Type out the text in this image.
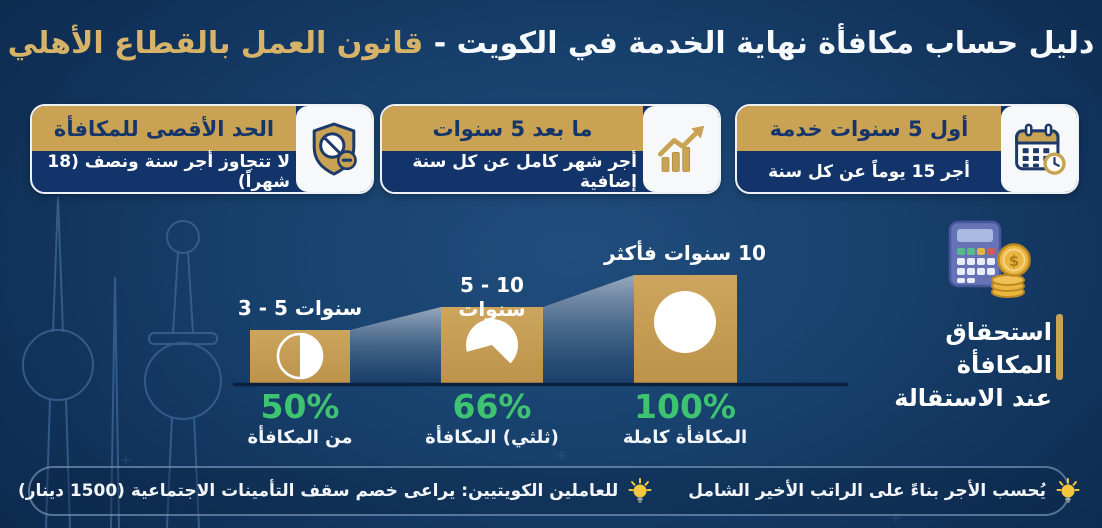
+	+
+
دليل حساب مكافأة نهاية الخدمة في الكويت - قانون العمل بالقطاع الأهلي
أول 5 سنوات خدمة
أجر 15 يوماً عن كل سنة
ما بعد 5 سنوات
أجر شهر كامل عن كل سنة إضافية
الحد الأقصى للمكافأة
لا تتجاوز أجر سنة ونصف (18 شهراً)
3 - 5 سنوات
5 - 10 سنوات
10 سنوات فأكثر
50%	66%	100%
من المكافأة	(ثلثي) المكافأة	المكافأة كاملة
$
استحقاق المكافأة
عند الاستقالة
يُحسب الأجر بناءً على الراتب الأخير الشامل
للعاملين الكويتيين: يراعى خصم سقف التأمينات الاجتماعية (1500 دينار)
